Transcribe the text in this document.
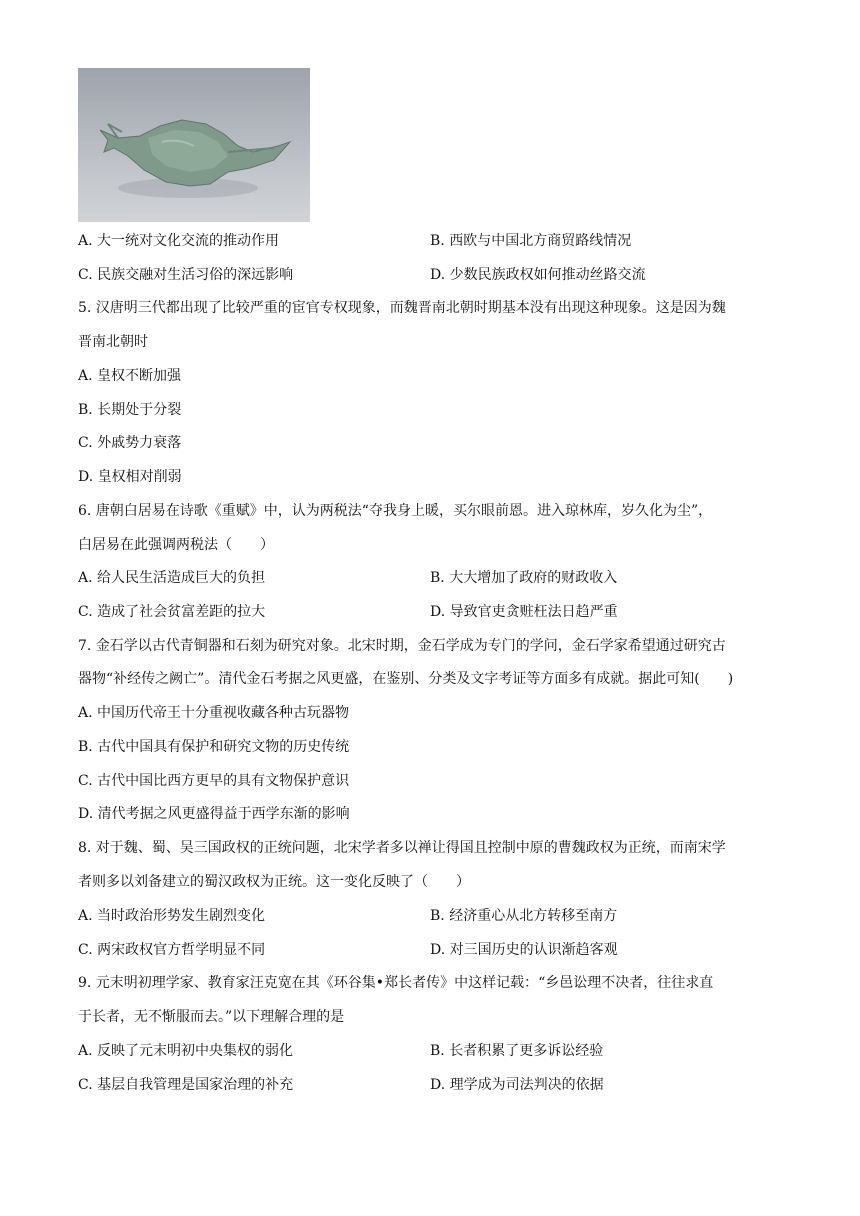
A. 大一统对文化交流的推动作用	B. 西欧与中国北方商贸路线情况
C. 民族交融对生活习俗的深远影响	D. 少数民族政权如何推动丝路交流
5. 汉唐明三代都出现了比较严重的宦官专权现象，而魏晋南北朝时期基本没有出现这种现象。这是因为魏
晋南北朝时
A. 皇权不断加强
B. 长期处于分裂
C. 外戚势力衰落
D. 皇权相对削弱
6. 唐朝白居易在诗歌《重赋》中，认为两税法“夺我身上暖，买尔眼前恩。进入琼林库，岁久化为尘”，
白居易在此强调两税法（　　）
A. 给人民生活造成巨大的负担	B. 大大增加了政府的财政收入
C. 造成了社会贫富差距的拉大	D. 导致官吏贪赃枉法日趋严重
7. 金石学以古代青铜器和石刻为研究对象。北宋时期，金石学成为专门的学问，金石学家希望通过研究古
器物“补经传之阙亡”。清代金石考据之风更盛，在鉴别、分类及文字考证等方面多有成就。据此可知(　　)
A. 中国历代帝王十分重视收藏各种古玩器物
B. 古代中国具有保护和研究文物的历史传统
C. 古代中国比西方更早的具有文物保护意识
D. 清代考据之风更盛得益于西学东渐的影响
8. 对于魏、蜀、吴三国政权的正统问题，北宋学者多以禅让得国且控制中原的曹魏政权为正统，而南宋学
者则多以刘备建立的蜀汉政权为正统。这一变化反映了（　　）
A. 当时政治形势发生剧烈变化	B. 经济重心从北方转移至南方
C. 两宋政权官方哲学明显不同	D. 对三国历史的认识渐趋客观
9. 元末明初理学家、教育家汪克宽在其《环谷集•郑长者传》中这样记载：“乡邑讼理不决者，往往求直
于长者，无不惭服而去。”以下理解合理的是
A. 反映了元末明初中央集权的弱化	B. 长者积累了更多诉讼经验
C. 基层自我管理是国家治理的补充	D. 理学成为司法判决的依据
